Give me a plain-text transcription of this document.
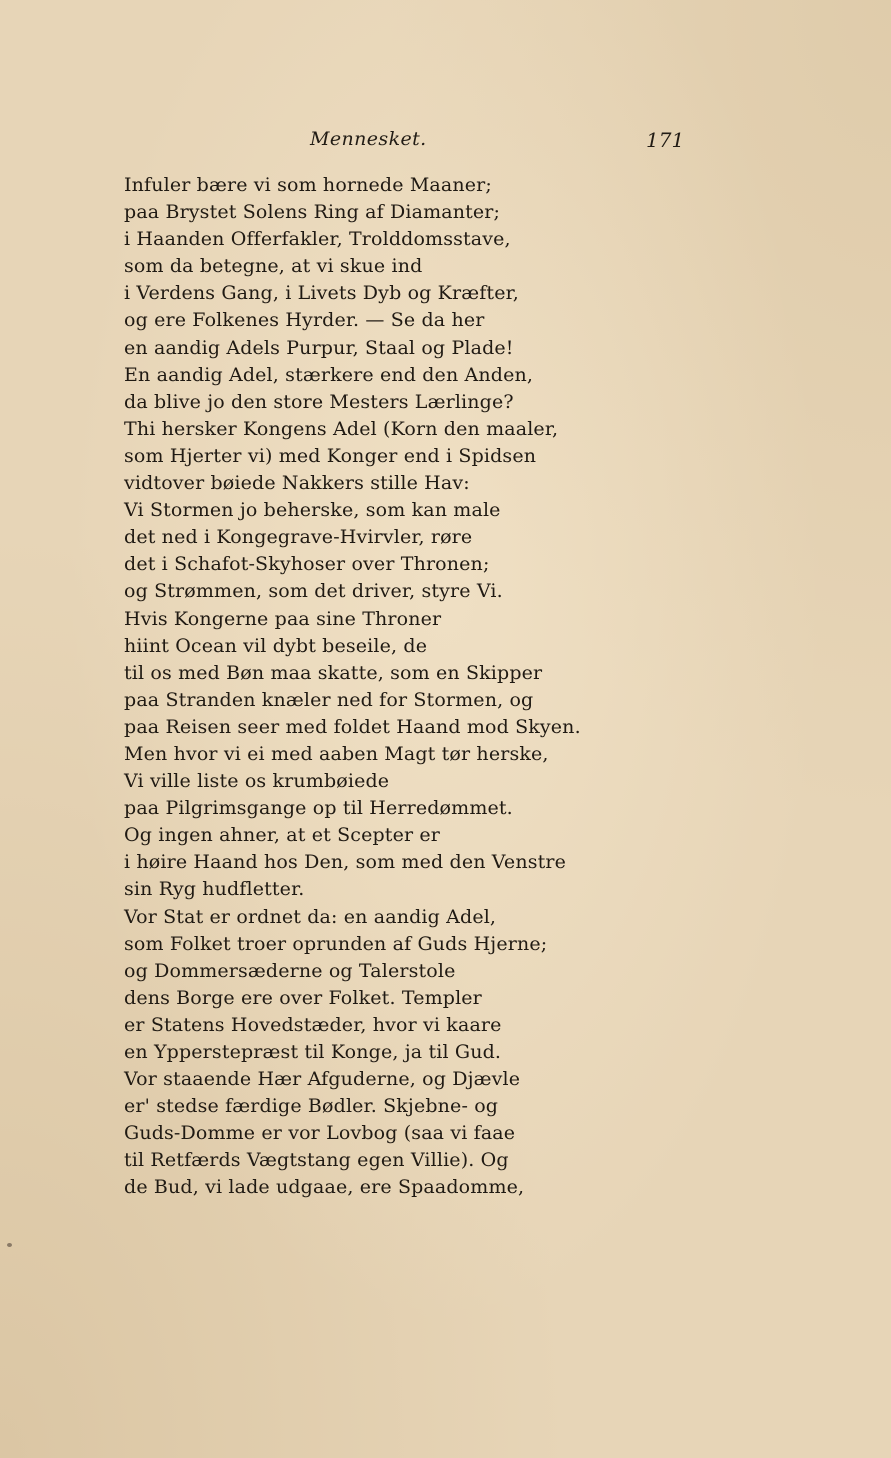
Mennesket.	171
Infuler bære vi som hornede Maaner;
paa Brystet Solens Ring af Diamanter;
i Haanden Offerfakler, Trolddomsstave,
som da betegne, at vi skue ind
i Verdens Gang, i Livets Dyb og Kræfter,
og ere Folkenes Hyrder. — Se da her
en aandig Adels Purpur, Staal og Plade!
En aandig Adel, stærkere end den Anden,
da blive jo den store Mesters Lærlinge?
Thi hersker Kongens Adel (Korn den maaler,
som Hjerter vi) med Konger end i Spidsen
vidtover bøiede Nakkers stille Hav:
Vi Stormen jo beherske, som kan male
det ned i Kongegrave-Hvirvler, røre
det i Schafot-Skyhoser over Thronen;
og Strømmen, som det driver, styre Vi.
Hvis Kongerne paa sine Throner
hiint Ocean vil dybt beseile, de
til os med Bøn maa skatte, som en Skipper
paa Stranden knæler ned for Stormen, og
paa Reisen seer med foldet Haand mod Skyen.
Men hvor vi ei med aaben Magt tør herske,
Vi ville liste os krumbøiede
paa Pilgrimsgange op til Herredømmet.
Og ingen ahner, at et Scepter er
i høire Haand hos Den, som med den Venstre
sin Ryg hudfletter.
Vor Stat er ordnet da: en aandig Adel,
som Folket troer oprunden af Guds Hjerne;
og Dommersæderne og Talerstole
dens Borge ere over Folket. Templer
er Statens Hovedstæder, hvor vi kaare
en Ypperstepræst til Konge, ja til Gud.
Vor staaende Hær Afguderne, og Djævle
er' stedse færdige Bødler. Skjebne- og
Guds-Domme er vor Lovbog (saa vi faae
til Retfærds Vægtstang egen Villie). Og
de Bud, vi lade udgaae, ere Spaadomme,
